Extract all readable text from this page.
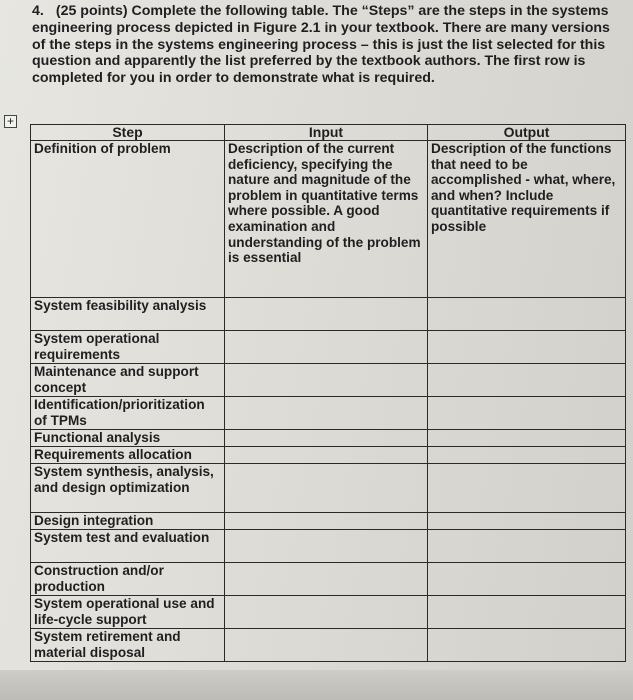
4. (25 points) Complete the following table. The “Steps” are the steps in the systems engineering process depicted in Figure 2.1 in your textbook. There are many versions of the steps in the systems engineering process – this is just the list selected for this question and apparently the list preferred by the textbook authors. The first row is completed for you in order to demonstrate what is required.
+
Step	Input	Output
Definition of problem	Description of the current deficiency, specifying the nature and magnitude of the problem in quantitative terms where possible. A good examination and understanding of the problem is essential	Description of the functions that need to be accomplished - what, where, and when? Include quantitative requirements if possible
System feasibility analysis		
System operational requirements		
Maintenance and support concept		
Identification/prioritization of TPMs		
Functional analysis		
Requirements allocation		
System synthesis, analysis, and design optimization		
Design integration		
System test and evaluation		
Construction and/or production		
System operational use and life-cycle support		
System retirement and material disposal		
